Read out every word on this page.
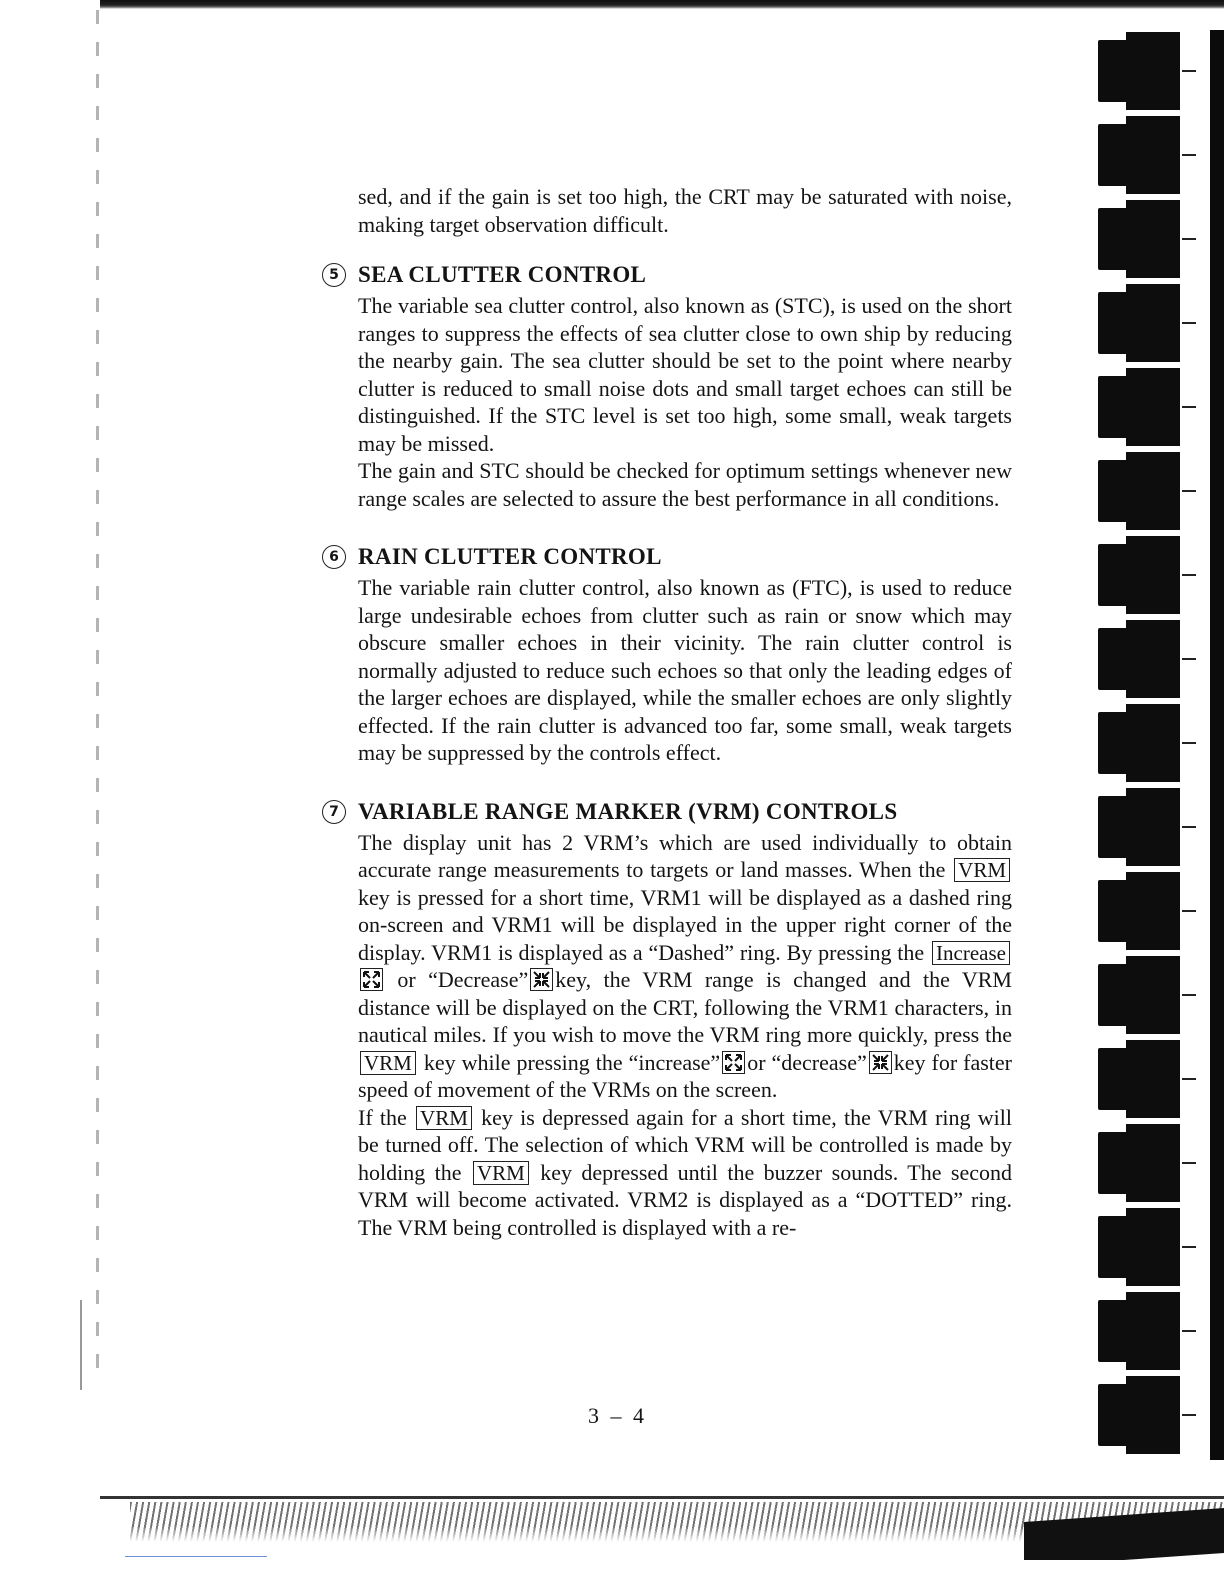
sed, and if the gain is set too high, the CRT may be saturated with noise, making target observation difficult.

5 SEA CLUTTER CONTROL

The variable sea clutter control, also known as (STC), is used on the short ranges to suppress the effects of sea clutter close to own ship by reducing the nearby gain. The sea clutter should be set to the point where nearby clutter is reduced to small noise dots and small target echoes can still be distinguished. If the STC level is set too high, some small, weak targets may be missed.

The gain and STC should be checked for optimum settings whenever new range scales are selected to assure the best performance in all conditions.

6 RAIN CLUTTER CONTROL

The variable rain clutter control, also known as (FTC), is used to reduce large undesirable echoes from clutter such as rain or snow which may obscure smaller echoes in their vicinity. The rain clutter control is normally adjusted to reduce such echoes so that only the leading edges of the larger echoes are displayed, while the smaller echoes are only slightly effected. If the rain clutter is advanced too far, some small, weak targets may be suppressed by the controls effect.

7 VARIABLE RANGE MARKER (VRM) CONTROLS

The display unit has 2 VRM’s which are used individually to obtain accurate range measurements to targets or land masses. When the VRM key is pressed for a short time, VRM1 will be displayed as a dashed ring on-screen and VRM1 will be displayed in the upper right corner of the display. VRM1 is displayed as a “Dashed” ring. By pressing the Increase
or “Decrease” key, the VRM range is changed and the VRM distance will be displayed on the CRT, following the VRM1 characters, in nautical miles. If you wish to move the VRM ring more quickly, press the VRM key while pressing the “increase” or “decrease” key for faster speed of movement of the VRMs on the screen.

If the VRM key is depressed again for a short time, the VRM ring will be turned off. The selection of which VRM will be controlled is made by holding the VRM key depressed until the buzzer sounds. The second VRM will become activated. VRM2 is displayed as a “DOTTED” ring. The VRM being controlled is displayed with a re-

3 – 4
